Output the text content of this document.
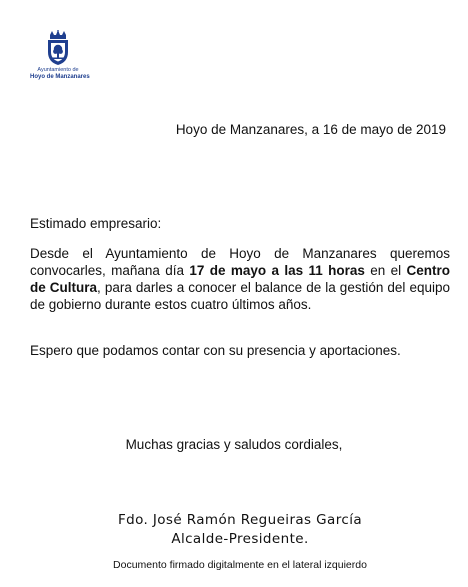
Ayuntamiento de
Hoyo de Manzanares
Hoyo de Manzanares, a 16 de mayo de 2019
Estimado empresario:

Desde el Ayuntamiento de Hoyo de Manzanares queremos convocarles, mañana día 17 de mayo a las 11 horas en el Centro de Cultura, para darles a conocer el balance de la gestión del equipo de gobierno durante estos cuatro últimos años.

Espero que podamos contar con su presencia y aportaciones.
Muchas gracias y saludos cordiales,
Fdo. José Ramón Regueiras García
Alcalde-Presidente.
Documento firmado digitalmente en el lateral izquierdo
